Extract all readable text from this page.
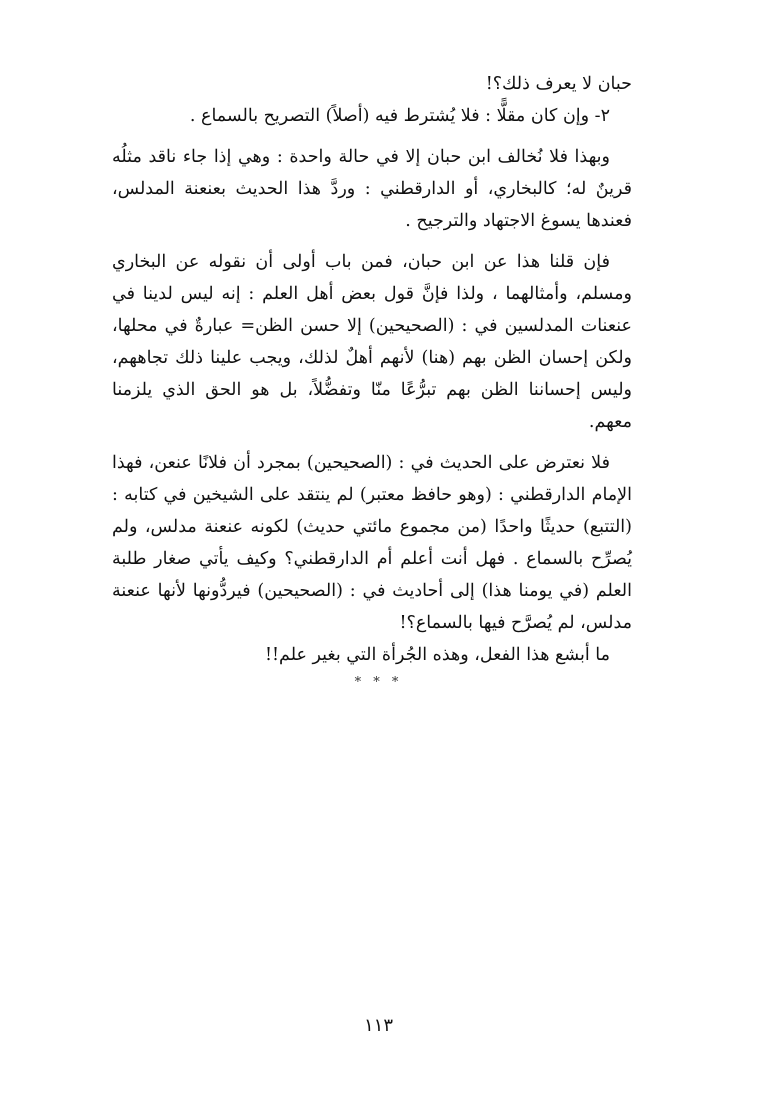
حبان لا يعرف ذلك؟!

٢- وإن كان مقلًّا : فلا يُشترط فيه (أصلاً) التصريح بالسماع .

وبهذا فلا نُخالف ابن حبان إلا في حالة واحدة : وهي إذا جاء ناقد مثلُه قرينٌ له؛ كالبخاري، أو الدارقطني : وردَّ هذا الحديث بعنعنة المدلس، فعندها يسوغ الاجتهاد والترجيح .

فإن قلنا هذا عن ابن حبان، فمن باب أولى أن نقوله عن البخاري ومسلم، وأمثالهما ، ولذا فإنَّ قول بعض أهل العلم : إنه ليس لدينا في عنعنات المدلسين في : (الصحيحين) إلا حسن الظن= عبارةٌ في محلها، ولكن إحسان الظن بهم (هنا) لأنهم أهلٌ لذلك، ويجب علينا ذلك تجاههم، وليس إحساننا الظن بهم تبرُّعًا منّا وتفضُّلاً، بل هو الحق الذي يلزمنا معهم.

فلا نعترض على الحديث في : (الصحيحين) بمجرد أن فلانًا عنعن، فهذا الإمام الدارقطني : (وهو حافظ معتبر) لم ينتقد على الشيخين في كتابه : (التتبع) حديثًا واحدًا (من مجموع مائتي حديث) لكونه عنعنة مدلس، ولم يُصرِّح بالسماع . فهل أنت أعلم أم الدارقطني؟ وكيف يأتي صغار طلبة العلم (في يومنا هذا) إلى أحاديث في : (الصحيحين) فيردُّونها لأنها عنعنة مدلس، لم يُصرَّح فيها بالسماع؟!

ما أبشع هذا الفعل، وهذه الجُرأة التي بغير علم!!

* * *
١١٣
